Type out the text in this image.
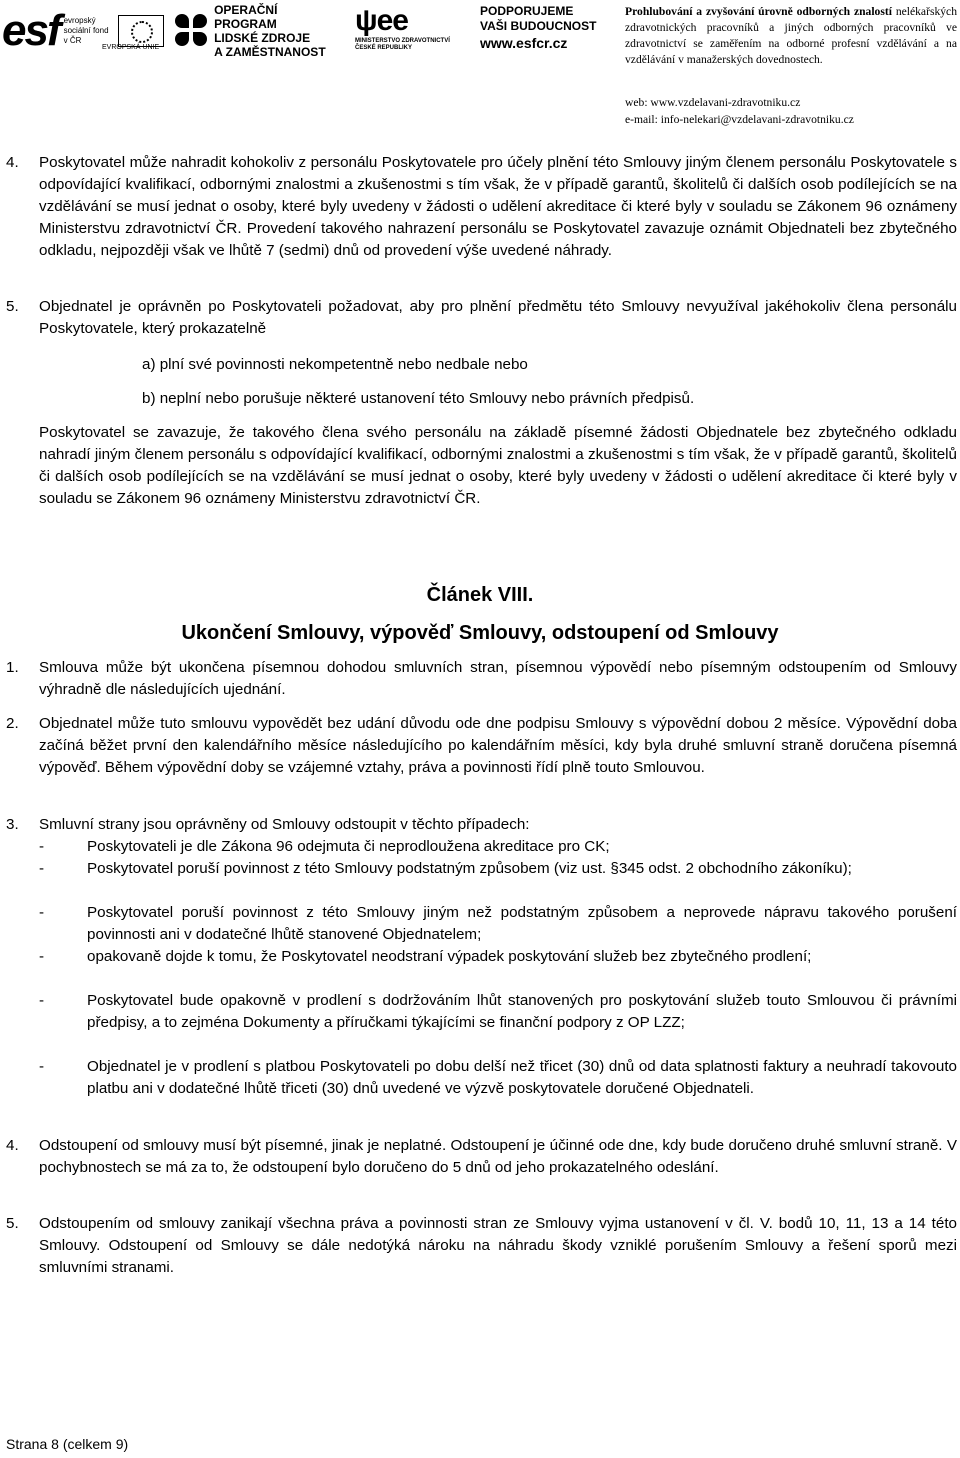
esf evropský sociální fond v ČR
EVROPSKÁ UNIE
OPERAČNÍ PROGRAM
LIDSKÉ ZDROJE
A ZAMĚSTNANOST
ψee
MINISTERSTVO ZDRAVOTNICTVÍ
ČESKÉ REPUBLIKY
PODPORUJEME
VAŠI BUDOUCNOST
www.esfcr.cz
Prohlubování a zvyšování úrovně odborných znalostí nelékařských zdravotnických pracovníků a jiných odborných pracovníků ve zdravotnictví se zaměřením na odborné profesní vzdělávání a na vzdělávání v manažerských dovednostech.
web: www.vzdelavani-zdravotniku.cz
e-mail: info-nelekari@vzdelavani-zdravotniku.cz
4. Poskytovatel může nahradit kohokoliv z personálu Poskytovatele pro účely plnění této Smlouvy jiným členem personálu Poskytovatele s odpovídající kvalifikací, odbornými znalostmi a zkušenostmi s tím však, že v případě garantů, školitelů či dalších osob podílejících se na vzdělávání se musí jednat o osoby, které byly uvedeny v žádosti o udělení akreditace či které byly v souladu se Zákonem 96 oznámeny Ministerstvu zdravotnictví ČR. Provedení takového nahrazení personálu se Poskytovatel zavazuje oznámit Objednateli bez zbytečného odkladu, nejpozději však ve lhůtě 7 (sedmi) dnů od provedení výše uvedené náhrady.
5. Objednatel je oprávněn po Poskytovateli požadovat, aby pro plnění předmětu této Smlouvy nevyužíval jakéhokoliv člena personálu Poskytovatele, který prokazatelně
a) plní své povinnosti nekompetentně nebo nedbale nebo
b) neplní nebo porušuje některé ustanovení této Smlouvy nebo právních předpisů.
Poskytovatel se zavazuje, že takového člena svého personálu na základě písemné žádosti Objednatele bez zbytečného odkladu nahradí jiným členem personálu s odpovídající kvalifikací, odbornými znalostmi a zkušenostmi s tím však, že v případě garantů, školitelů či dalších osob podílejících se na vzdělávání se musí jednat o osoby, které byly uvedeny v žádosti o udělení akreditace či které byly v souladu se Zákonem 96 oznámeny Ministerstvu zdravotnictví ČR.
Článek VIII.
Ukončení Smlouvy, výpověď Smlouvy, odstoupení od Smlouvy
1. Smlouva může být ukončena písemnou dohodou smluvních stran, písemnou výpovědí nebo písemným odstoupením od Smlouvy výhradně dle následujících ujednání.
2. Objednatel může tuto smlouvu vypovědět bez udání důvodu ode dne podpisu Smlouvy s výpovědní dobou 2 měsíce. Výpovědní doba začíná běžet první den kalendářního měsíce následujícího po kalendářním měsíci, kdy byla druhé smluvní straně doručena písemná výpověď. Během výpovědní doby se vzájemné vztahy, práva a povinnosti řídí plně touto Smlouvou.
3. Smluvní strany jsou oprávněny od Smlouvy odstoupit v těchto případech:
-	Poskytovateli je dle Zákona 96 odejmuta či neprodloužena akreditace pro CK;
-	Poskytovatel poruší povinnost z této Smlouvy podstatným způsobem (viz ust. §345 odst. 2 obchodního zákoníku);
-	Poskytovatel poruší povinnost z této Smlouvy jiným než podstatným způsobem a neprovede nápravu takového porušení povinnosti ani v dodatečné lhůtě stanovené Objednatelem;
-	opakovaně dojde k tomu, že Poskytovatel neodstraní výpadek poskytování služeb bez zbytečného prodlení;
-	Poskytovatel bude opakovně v prodlení s dodržováním lhůt stanovených pro poskytování služeb touto Smlouvou či právními předpisy, a to zejména Dokumenty a příručkami týkajícími se finanční podpory z OP LZZ;
-	Objednatel je v prodlení s platbou Poskytovateli po dobu delší než třicet (30) dnů od data splatnosti faktury a neuhradí takovouto platbu ani v dodatečné lhůtě třiceti (30) dnů uvedené ve výzvě poskytovatele doručené Objednateli.
4. Odstoupení od smlouvy musí být písemné, jinak je neplatné. Odstoupení je účinné ode dne, kdy bude doručeno druhé smluvní straně. V pochybnostech se má za to, že odstoupení bylo doručeno do 5 dnů od jeho prokazatelného odeslání.
5. Odstoupením od smlouvy zanikají všechna práva a povinnosti stran ze Smlouvy vyjma ustanovení v čl. V. bodů 10, 11, 13 a 14 této Smlouvy. Odstoupení od Smlouvy se dále nedotýká nároku na náhradu škody vzniklé porušením Smlouvy a řešení sporů mezi smluvními stranami.
Strana 8 (celkem 9)
